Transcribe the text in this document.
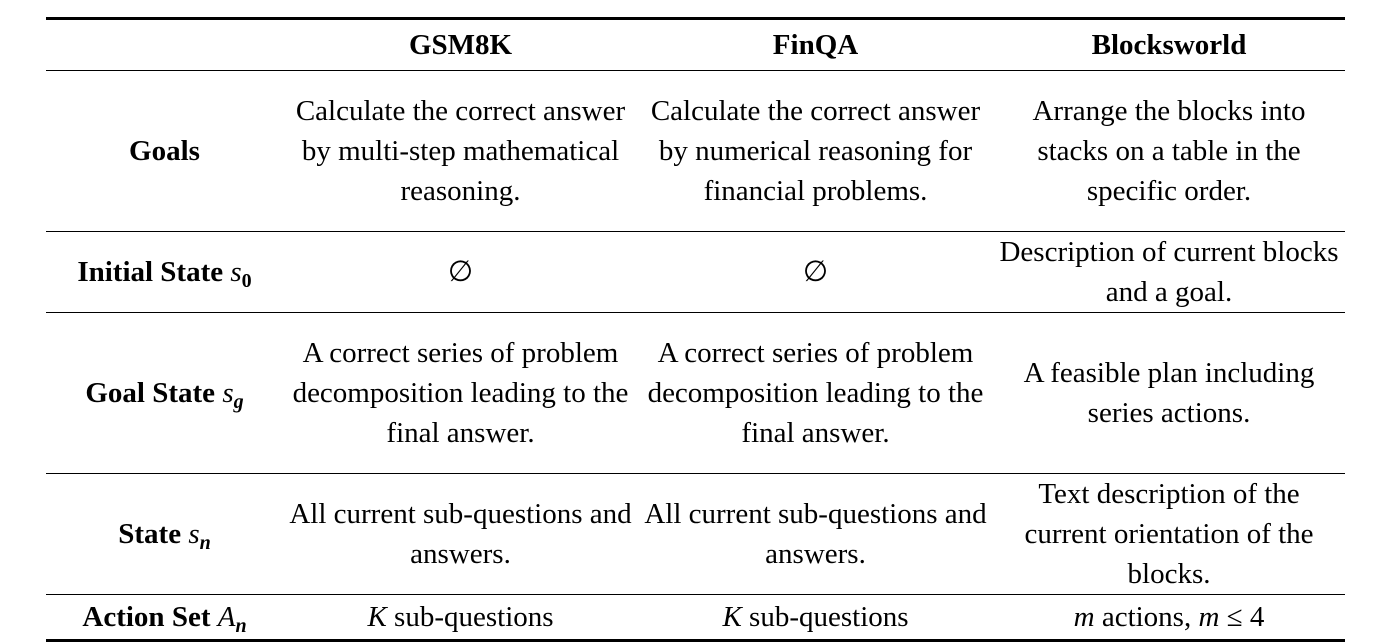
	GSM8K	FinQA	Blocksworld
Goals	Calculate the correct answer by multi-step mathematical reasoning.	Calculate the correct answer by numerical reasoning for financial problems.	Arrange the blocks into stacks on a table in the specific order.
Initial State $s_0$	∅	∅	Description of current blocks and a goal.
Goal State $s_g$	A correct series of problem decomposition leading to the final answer.	A correct series of problem decomposition leading to the final answer.	A feasible plan including series actions.
State $s_n$	All current sub-questions and answers.	All current sub-questions and answers.	Text description of the current orientation of the blocks.
Action Set $A_n$	K sub-questions	K sub-questions	m actions, m ≤ 4
